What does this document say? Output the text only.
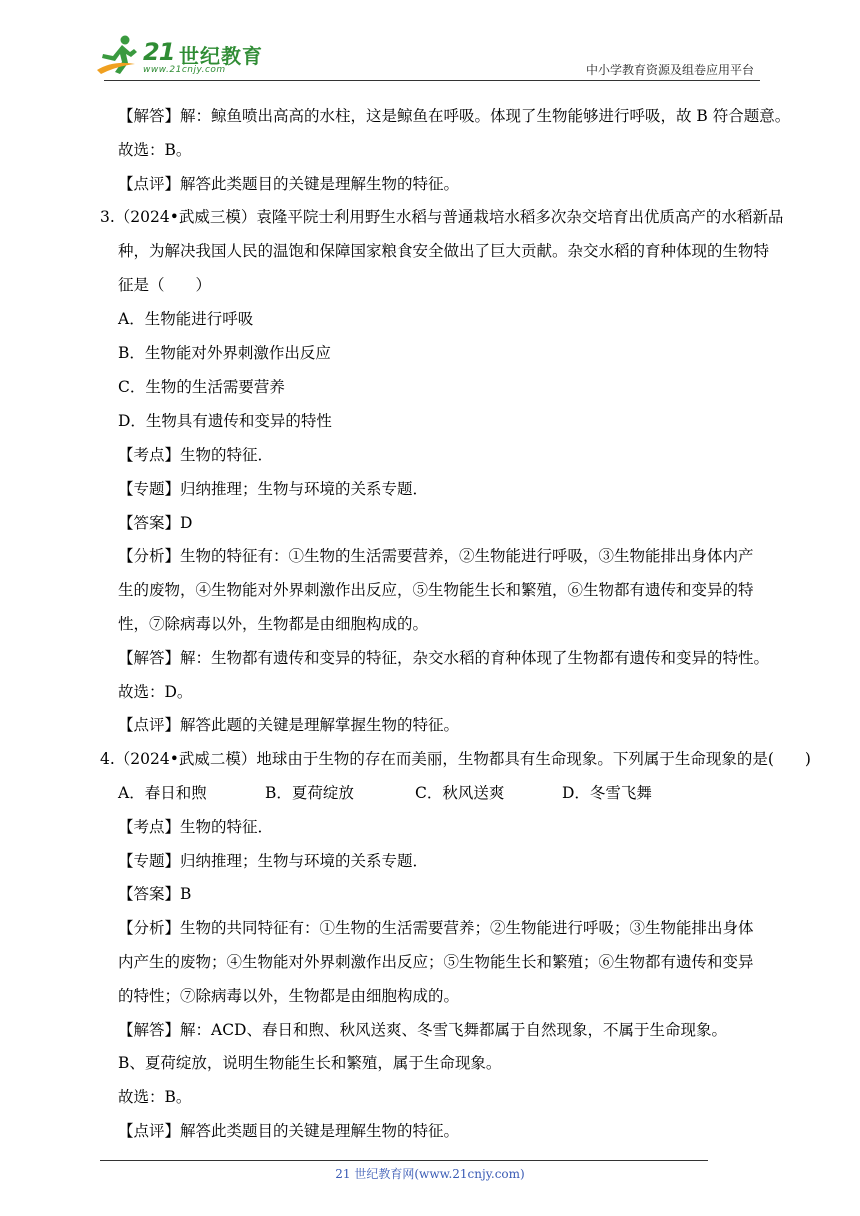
21 世纪教育
www.21cnjy.com	中小学教育资源及组卷应用平台
【解答】解：鲸鱼喷出高高的水柱，这是鲸鱼在呼吸。体现了生物能够进行呼吸，故 B 符合题意。
故选：B。
【点评】解答此类题目的关键是理解生物的特征。
3.（2024•武威三模）袁隆平院士利用野生水稻与普通栽培水稻多次杂交培育出优质高产的水稻新品
种，为解决我国人民的温饱和保障国家粮食安全做出了巨大贡献。杂交水稻的育种体现的生物特
征是（　　）
A．生物能进行呼吸
B．生物能对外界刺激作出反应
C．生物的生活需要营养
D．生物具有遗传和变异的特性
【考点】生物的特征．
【专题】归纳推理；生物与环境的关系专题．
【答案】D
【分析】生物的特征有：①生物的生活需要营养，②生物能进行呼吸，③生物能排出身体内产
生的废物，④生物能对外界刺激作出反应，⑤生物能生长和繁殖，⑥生物都有遗传和变异的特
性，⑦除病毒以外，生物都是由细胞构成的。
【解答】解：生物都有遗传和变异的特征，杂交水稻的育种体现了生物都有遗传和变异的特性。
故选：D。
【点评】解答此题的关键是理解掌握生物的特征。
4.（2024•武威二模）地球由于生物的存在而美丽，生物都具有生命现象。下列属于生命现象的是(　　)
A．春日和煦	B．夏荷绽放	C．秋风送爽	D．冬雪飞舞
【考点】生物的特征．
【专题】归纳推理；生物与环境的关系专题．
【答案】B
【分析】生物的共同特征有：①生物的生活需要营养；②生物能进行呼吸；③生物能排出身体
内产生的废物；④生物能对外界刺激作出反应；⑤生物能生长和繁殖；⑥生物都有遗传和变异
的特性；⑦除病毒以外，生物都是由细胞构成的。
【解答】解：ACD、春日和煦、秋风送爽、冬雪飞舞都属于自然现象，不属于生命现象。
B、夏荷绽放，说明生物能生长和繁殖，属于生命现象。
故选：B。
【点评】解答此类题目的关键是理解生物的特征。
21 世纪教育网(www.21cnjy.com)
